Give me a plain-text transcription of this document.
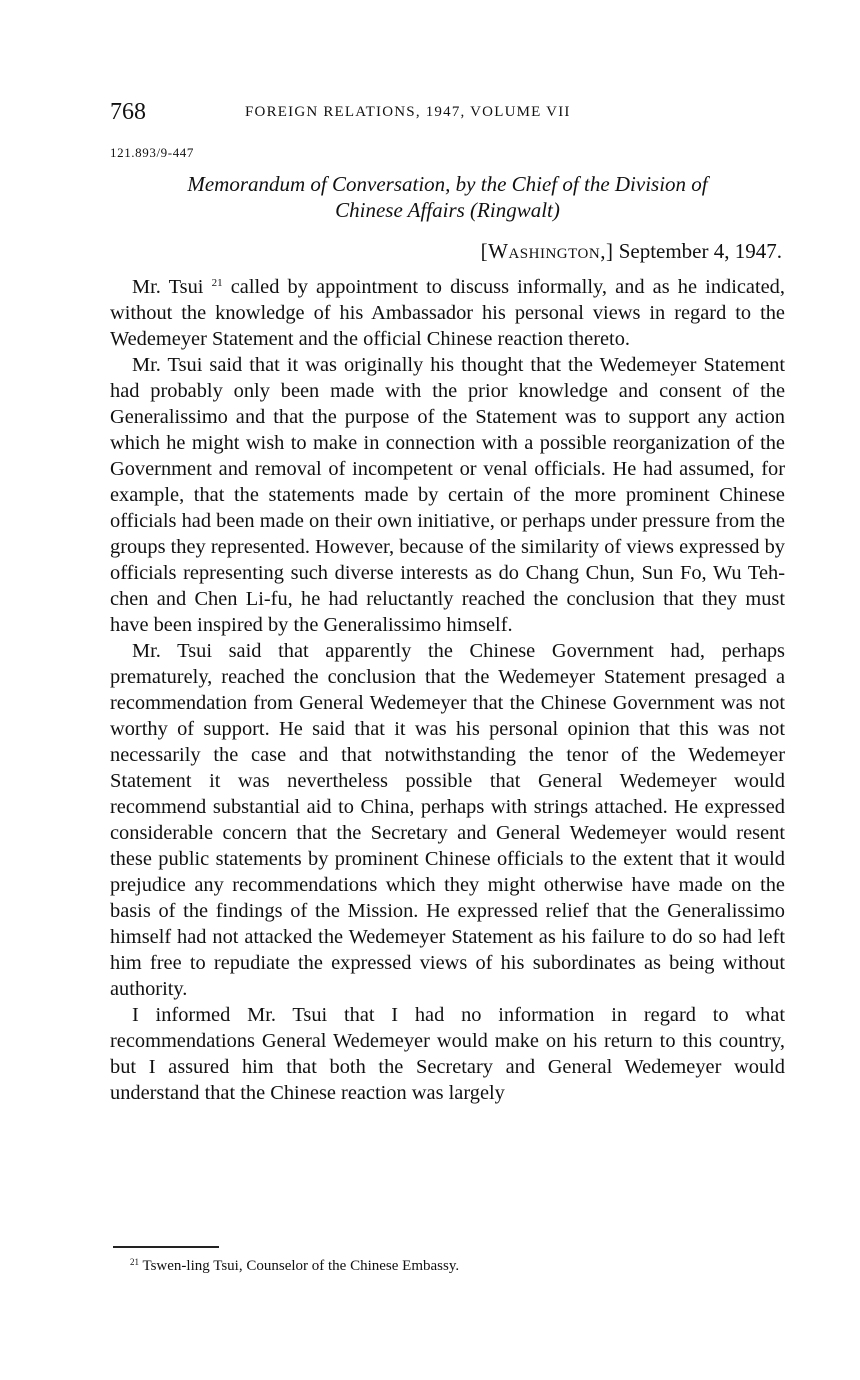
768	FOREIGN RELATIONS, 1947, VOLUME VII
121.893/9-447
Memorandum of Conversation, by the Chief of the Division of
Chinese Affairs (Ringwalt)
[Washington,] September 4, 1947.

Mr. Tsui $^{21}$ called by appointment to discuss informally, and as he indicated, without the knowledge of his Ambassador his personal views in regard to the Wedemeyer Statement and the official Chinese reaction thereto.

Mr. Tsui said that it was originally his thought that the Wedemeyer Statement had probably only been made with the prior knowledge and consent of the Generalissimo and that the purpose of the Statement was to support any action which he might wish to make in connection with a possible reorganization of the Government and removal of incompetent or venal officials. He had assumed, for example, that the statements made by certain of the more prominent Chinese officials had been made on their own initiative, or perhaps under pressure from the groups they represented. However, because of the similarity of views expressed by officials representing such diverse interests as do Chang Chun, Sun Fo, Wu Teh-chen and Chen Li-fu, he had reluctantly reached the conclusion that they must have been inspired by the Generalissimo himself.

Mr. Tsui said that apparently the Chinese Government had, perhaps prematurely, reached the conclusion that the Wedemeyer Statement presaged a recommendation from General Wedemeyer that the Chinese Government was not worthy of support. He said that it was his personal opinion that this was not necessarily the case and that notwithstanding the tenor of the Wedemeyer Statement it was nevertheless possible that General Wedemeyer would recommend substantial aid to China, perhaps with strings attached. He expressed considerable concern that the Secretary and General Wedemeyer would resent these public statements by prominent Chinese officials to the extent that it would prejudice any recommendations which they might otherwise have made on the basis of the findings of the Mission. He expressed relief that the Generalissimo himself had not attacked the Wedemeyer Statement as his failure to do so had left him free to repudiate the expressed views of his subordinates as being without authority.

I informed Mr. Tsui that I had no information in regard to what recommendations General Wedemeyer would make on his return to this country, but I assured him that both the Secretary and General Wedemeyer would understand that the Chinese reaction was largely

$^{21}$ Tswen-ling Tsui, Counselor of the Chinese Embassy.
